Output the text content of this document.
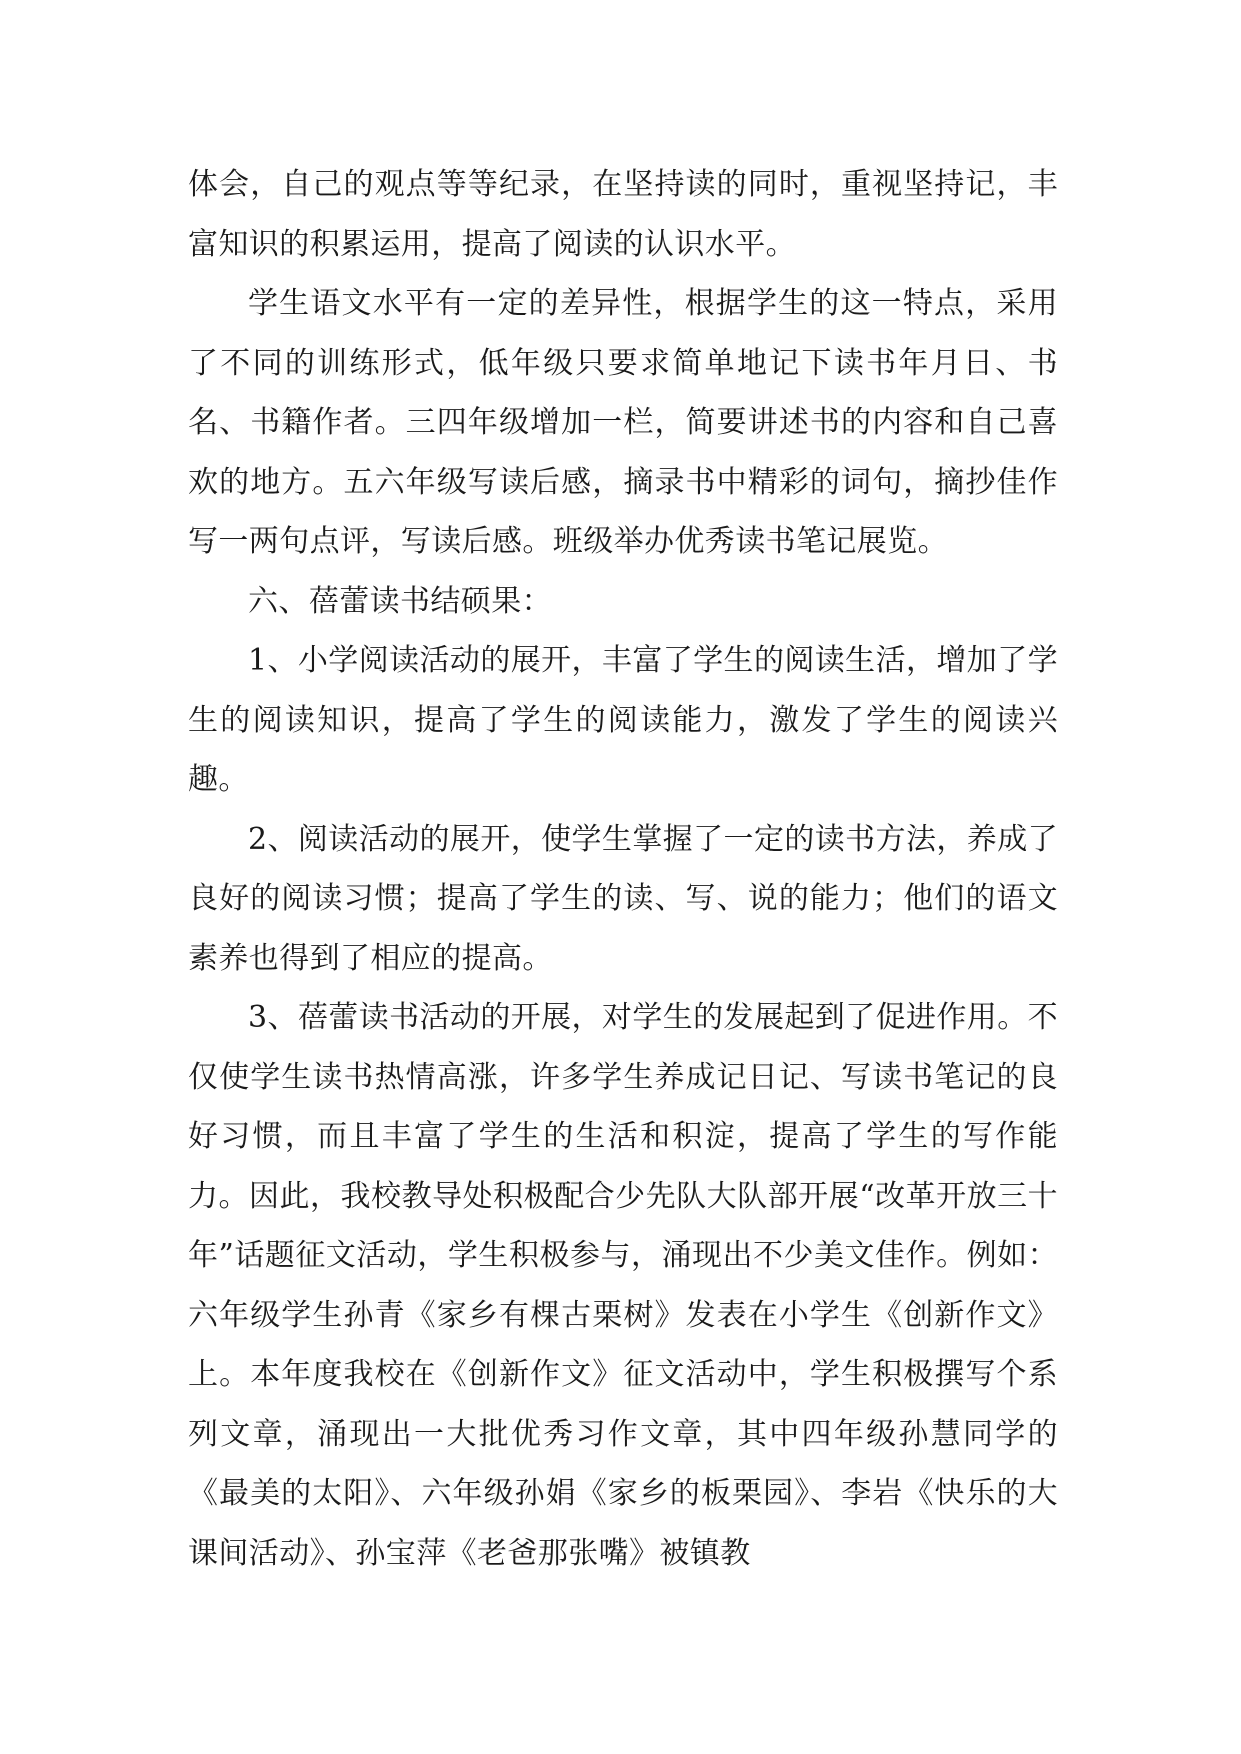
体会，自己的观点等等纪录，在坚持读的同时，重视坚持记，丰富知识的积累运用，提高了阅读的认识水平。

学生语文水平有一定的差异性，根据学生的这一特点，采用了不同的训练形式，低年级只要求简单地记下读书年月日、书名、书籍作者。三四年级增加一栏，简要讲述书的内容和自己喜欢的地方。五六年级写读后感，摘录书中精彩的词句，摘抄佳作写一两句点评，写读后感。班级举办优秀读书笔记展览。

六、蓓蕾读书结硕果：

1、小学阅读活动的展开，丰富了学生的阅读生活，增加了学生的阅读知识，提高了学生的阅读能力，激发了学生的阅读兴趣。

2、阅读活动的展开，使学生掌握了一定的读书方法，养成了良好的阅读习惯；提高了学生的读、写、说的能力；他们的语文素养也得到了相应的提高。

3、蓓蕾读书活动的开展，对学生的发展起到了促进作用。不仅使学生读书热情高涨，许多学生养成记日记、写读书笔记的良好习惯，而且丰富了学生的生活和积淀，提高了学生的写作能力。因此，我校教导处积极配合少先队大队部开展“改革开放三十年”话题征文活动，学生积极参与，涌现出不少美文佳作。例如：六年级学生孙青《家乡有棵古栗树》发表在小学生《创新作文》上。本年度我校在《创新作文》征文活动中，学生积极撰写个系列文章，涌现出一大批优秀习作文章，其中四年级孙慧同学的《最美的太阳》、六年级孙娟《家乡的板栗园》、李岩《快乐的大课间活动》、孙宝萍《老爸那张嘴》被镇教
